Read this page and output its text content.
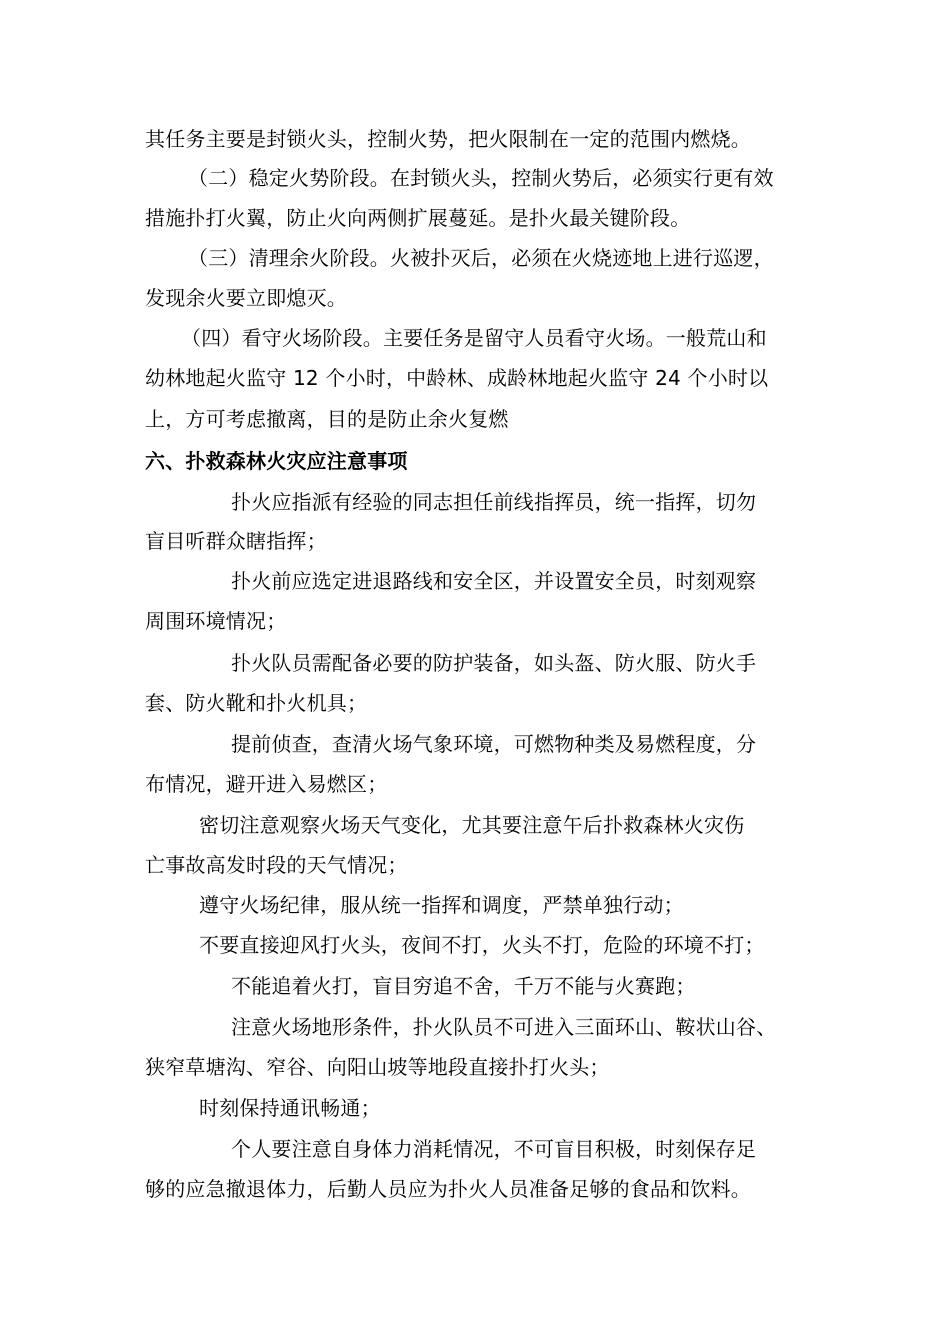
其任务主要是封锁火头，控制火势，把火限制在一定的范围内燃烧。
（二）稳定火势阶段。在封锁火头，控制火势后，必须实行更有效
措施扑打火翼，防止火向两侧扩展蔓延。是扑火最关键阶段。
（三）清理余火阶段。火被扑灭后，必须在火烧迹地上进行巡逻，
发现余火要立即熄灭。
（四）看守火场阶段。主要任务是留守人员看守火场。一般荒山和
幼林地起火监守 12 个小时，中龄林、成龄林地起火监守 24 个小时以
上，方可考虑撤离，目的是防止余火复燃
六、扑救森林火灾应注意事项
扑火应指派有经验的同志担任前线指挥员，统一指挥，切勿
盲目听群众瞎指挥；
扑火前应选定进退路线和安全区，并设置安全员，时刻观察
周围环境情况；
扑火队员需配备必要的防护装备，如头盔、防火服、防火手
套、防火靴和扑火机具；
提前侦查，查清火场气象环境，可燃物种类及易燃程度，分
布情况，避开进入易燃区；
密切注意观察火场天气变化，尤其要注意午后扑救森林火灾伤
亡事故高发时段的天气情况；
遵守火场纪律，服从统一指挥和调度，严禁单独行动；
不要直接迎风打火头，夜间不打，火头不打，危险的环境不打；
不能追着火打，盲目穷追不舍，千万不能与火赛跑；
注意火场地形条件，扑火队员不可进入三面环山、鞍状山谷、
狭窄草塘沟、窄谷、向阳山坡等地段直接扑打火头；
时刻保持通讯畅通；
个人要注意自身体力消耗情况，不可盲目积极，时刻保存足
够的应急撤退体力，后勤人员应为扑火人员准备足够的食品和饮料。
